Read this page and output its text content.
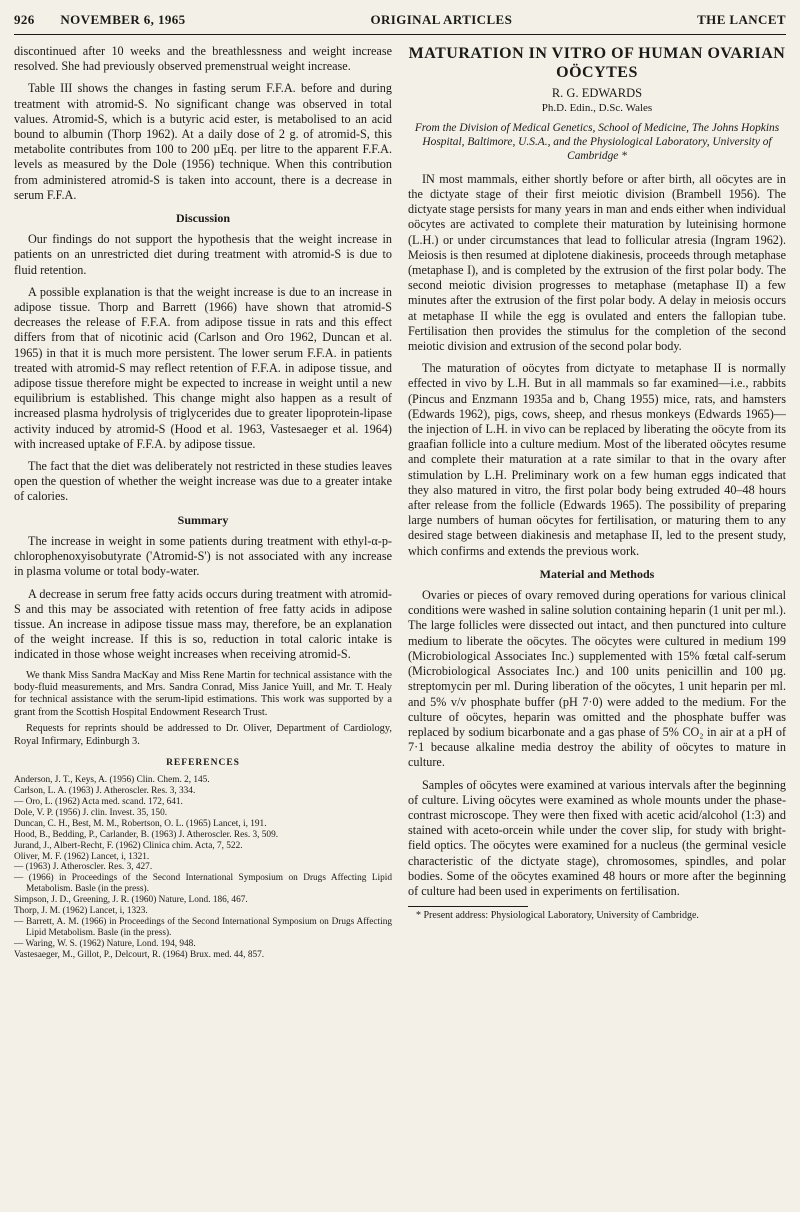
926 NOVEMBER 6, 1965	ORIGINAL ARTICLES	THE LANCET

discontinued after 10 weeks and the breathlessness and weight increase resolved. She had previously observed premenstrual weight increase.

Table III shows the changes in fasting serum F.F.A. before and during treatment with atromid-S. No significant change was observed in total values. Atromid-S, which is a butyric acid ester, is metabolised to an acid bound to albumin (Thorp 1962). At a daily dose of 2 g. of atromid-S, this metabolite contributes from 100 to 200 µEq. per litre to the apparent F.F.A. levels as measured by the Dole (1956) technique. When this contribution from administered atromid-S is taken into account, there is a decrease in serum F.F.A.

Discussion

Our findings do not support the hypothesis that the weight increase in patients on an unrestricted diet during treatment with atromid-S is due to fluid retention.

A possible explanation is that the weight increase is due to an increase in adipose tissue. Thorp and Barrett (1966) have shown that atromid-S decreases the release of F.F.A. from adipose tissue in rats and this effect differs from that of nicotinic acid (Carlson and Oro 1962, Duncan et al. 1965) in that it is much more persistent. The lower serum F.F.A. in patients treated with atromid-S may reflect retention of F.F.A. in adipose tissue, and adipose tissue therefore might be expected to increase in weight until a new equilibrium is established. This change might also happen as a result of increased plasma hydrolysis of triglycerides due to greater lipoprotein-lipase activity induced by atromid-S (Hood et al. 1963, Vastesaeger et al. 1964) with increased uptake of F.F.A. by adipose tissue.

The fact that the diet was deliberately not restricted in these studies leaves open the question of whether the weight increase was due to a greater intake of calories.

Summary

The increase in weight in some patients during treatment with ethyl-α-p-chlorophenoxyisobutyrate ('Atromid-S') is not associated with any increase in plasma volume or total body-water.

A decrease in serum free fatty acids occurs during treatment with atromid-S and this may be associated with retention of free fatty acids in adipose tissue. An increase in adipose tissue mass may, therefore, be an explanation of the weight increase. If this is so, reduction in total caloric intake is indicated in those whose weight increases when receiving atromid-S.

We thank Miss Sandra MacKay and Miss Rene Martin for technical assistance with the body-fluid measurements, and Mrs. Sandra Conrad, Miss Janice Yuill, and Mr. T. Healy for technical assistance with the serum-lipid estimations. This work was supported by a grant from the Scottish Hospital Endowment Research Trust.

Requests for reprints should be addressed to Dr. Oliver, Department of Cardiology, Royal Infirmary, Edinburgh 3.

REFERENCES
Anderson, J. T., Keys, A. (1956) Clin. Chem. 2, 145.
Carlson, L. A. (1963) J. Atheroscler. Res. 3, 334.
— Oro, L. (1962) Acta med. scand. 172, 641.
Dole, V. P. (1956) J. clin. Invest. 35, 150.
Duncan, C. H., Best, M. M., Robertson, O. L. (1965) Lancet, i, 191.
Hood, B., Bedding, P., Carlander, B. (1963) J. Atheroscler. Res. 3, 509.
Jurand, J., Albert-Recht, F. (1962) Clinica chim. Acta, 7, 522.
Oliver, M. F. (1962) Lancet, i, 1321.
— (1963) J. Atheroscler. Res. 3, 427.
— (1966) in Proceedings of the Second International Symposium on Drugs Affecting Lipid Metabolism. Basle (in the press).
Simpson, J. D., Greening, J. R. (1960) Nature, Lond. 186, 467.
Thorp, J. M. (1962) Lancet, i, 1323.
— Barrett, A. M. (1966) in Proceedings of the Second International Symposium on Drugs Affecting Lipid Metabolism. Basle (in the press).
— Waring, W. S. (1962) Nature, Lond. 194, 948.
Vastesaeger, M., Gillot, P., Delcourt, R. (1964) Brux. med. 44, 857.
MATURATION IN VITRO OF HUMAN OVARIAN OÖCYTES
R. G. EDWARDS
Ph.D. Edin., D.Sc. Wales
From the Division of Medical Genetics, School of Medicine, The Johns Hopkins Hospital, Baltimore, U.S.A., and the Physiological Laboratory, University of Cambridge *

IN most mammals, either shortly before or after birth, all oöcytes are in the dictyate stage of their first meiotic division (Brambell 1956). The dictyate stage persists for many years in man and ends either when individual oöcytes are activated to complete their maturation by luteinising hormone (L.H.) or under circumstances that lead to follicular atresia (Ingram 1962). Meiosis is then resumed at diplotene diakinesis, proceeds through metaphase (metaphase I), and is completed by the extrusion of the first polar body. The second meiotic division progresses to metaphase (metaphase II) a few minutes after the extrusion of the first polar body. A delay in meiosis occurs at metaphase II while the egg is ovulated and enters the fallopian tube. Fertilisation then provides the stimulus for the completion of the second meiotic division and extrusion of the second polar body.

The maturation of oöcytes from dictyate to metaphase II is normally effected in vivo by L.H. But in all mammals so far examined—i.e., rabbits (Pincus and Enzmann 1935a and b, Chang 1955) mice, rats, and hamsters (Edwards 1962), pigs, cows, sheep, and rhesus monkeys (Edwards 1965)—the injection of L.H. in vivo can be replaced by liberating the oöcyte from its graafian follicle into a culture medium. Most of the liberated oöcytes resume and complete their maturation at a rate similar to that in the ovary after stimulation by L.H. Preliminary work on a few human eggs indicated that they also matured in vitro, the first polar body being extruded 40–48 hours after release from the follicle (Edwards 1965). The possibility of preparing large numbers of human oöcytes for fertilisation, or maturing them to any desired stage between diakinesis and metaphase II, led to the present study, which confirms and extends the previous work.

Material and Methods

Ovaries or pieces of ovary removed during operations for various clinical conditions were washed in saline solution containing heparin (1 unit per ml.). The large follicles were dissected out intact, and then punctured into culture medium to liberate the oöcytes. The oöcytes were cultured in medium 199 (Microbiological Associates Inc.) supplemented with 15% fœtal calf-serum (Microbiological Associates Inc.) and 100 units penicillin and 100 µg. streptomycin per ml. During liberation of the oöcytes, 1 unit heparin per ml. and 5% v/v phosphate buffer (pH 7·0) were added to the medium. For the culture of oöcytes, heparin was omitted and the phosphate buffer was replaced by sodium bicarbonate and a gas phase of 5% CO₂ in air at a pH of 7·1 because alkaline media destroy the ability of oöcytes to mature in culture.

Samples of oöcytes were examined at various intervals after the beginning of culture. Living oöcytes were examined as whole mounts under the phase-contrast microscope. They were then fixed with acetic acid/alcohol (1:3) and stained with aceto-orcein while under the cover slip, for study with bright-field optics. The oöcytes were examined for a nucleus (the germinal vesicle characteristic of the dictyate stage), chromosomes, spindles, and polar bodies. Some of the oöcytes examined 48 hours or more after the beginning of culture had been used in experiments on fertilisation.

* Present address: Physiological Laboratory, University of Cambridge.
